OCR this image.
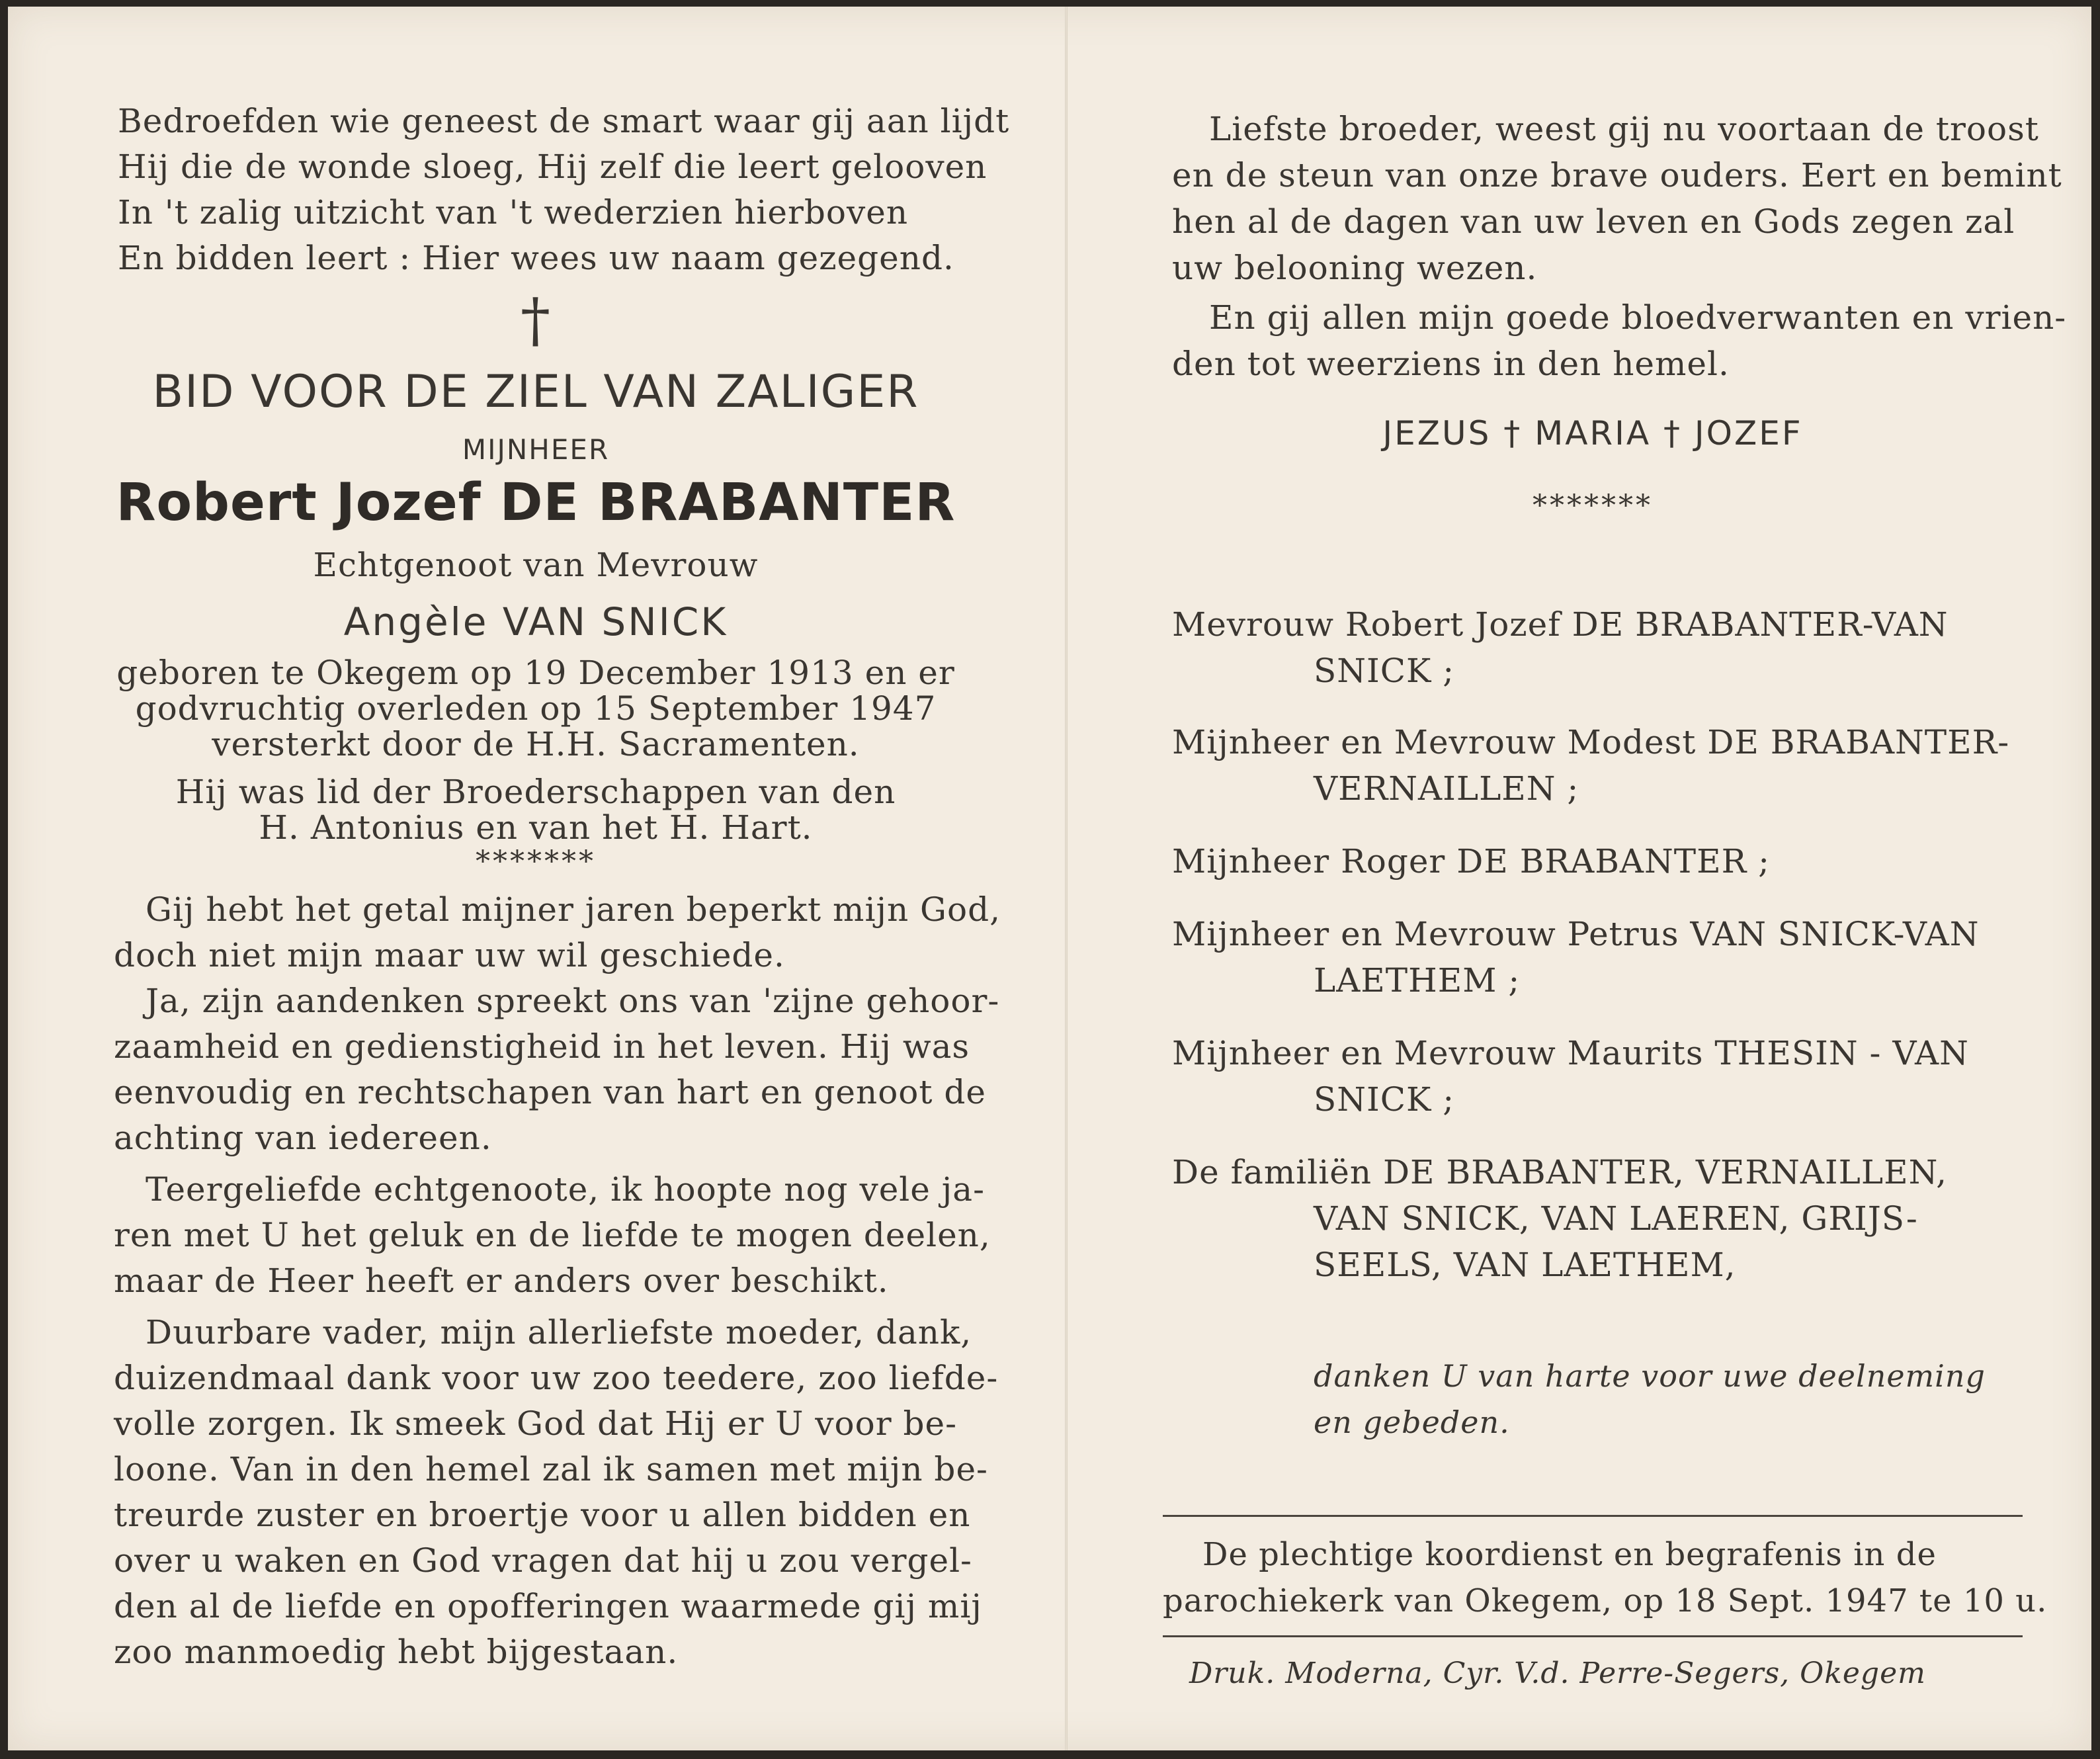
Bedroefden wie geneest de smart waar gij aan lijdt
Hij die de wonde sloeg, Hij zelf die leert gelooven
In 't zalig uitzicht van 't wederzien hierboven
En bidden leert : Hier wees uw naam gezegend.
†
BID VOOR DE ZIEL VAN ZALIGER
MIJNHEER
Robert Jozef DE BRABANTER
Echtgenoot van Mevrouw
Angèle VAN SNICK
geboren te Okegem op 19 December 1913 en er
godvruchtig overleden op 15 September 1947
versterkt door de H.H. Sacramenten.
Hij was lid der Broederschappen van den
H. Antonius en van het H. Hart.
*******
Gij hebt het getal mijner jaren beperkt mijn God,
doch niet mijn maar uw wil geschiede.
Ja, zijn aandenken spreekt ons van 'zijne gehoor-
zaamheid en gedienstigheid in het leven. Hij was
eenvoudig en rechtschapen van hart en genoot de
achting van iedereen.
Teergeliefde echtgenoote, ik hoopte nog vele ja-
ren met U het geluk en de liefde te mogen deelen,
maar de Heer heeft er anders over beschikt.
Duurbare vader, mijn allerliefste moeder, dank,
duizendmaal dank voor uw zoo teedere, zoo liefde-
volle zorgen. Ik smeek God dat Hij er U voor be-
loone. Van in den hemel zal ik samen met mijn be-
treurde zuster en broertje voor u allen bidden en
over u waken en God vragen dat hij u zou vergel-
den al de liefde en opofferingen waarmede gij mij
zoo manmoedig hebt bijgestaan.
Liefste broeder, weest gij nu voortaan de troost
en de steun van onze brave ouders. Eert en bemint
hen al de dagen van uw leven en Gods zegen zal
uw belooning wezen.
En gij allen mijn goede bloedverwanten en vrien-
den tot weerziens in den hemel.
JEZUS † MARIA † JOZEF
*******
Mevrouw Robert Jozef DE BRABANTER-VAN
SNICK ;
Mijnheer en Mevrouw Modest DE BRABANTER-
VERNAILLEN ;
Mijnheer Roger DE BRABANTER ;
Mijnheer en Mevrouw Petrus VAN SNICK-VAN
LAETHEM ;
Mijnheer en Mevrouw Maurits THESIN - VAN
SNICK ;
De familiën DE BRABANTER, VERNAILLEN,
VAN SNICK, VAN LAEREN, GRIJS-
SEELS, VAN LAETHEM,
danken U van harte voor uwe deelneming
en gebeden.
De plechtige koordienst en begrafenis in de
parochiekerk van Okegem, op 18 Sept. 1947 te 10 u.
Druk. Moderna, Cyr. V.d. Perre-Segers, Okegem
